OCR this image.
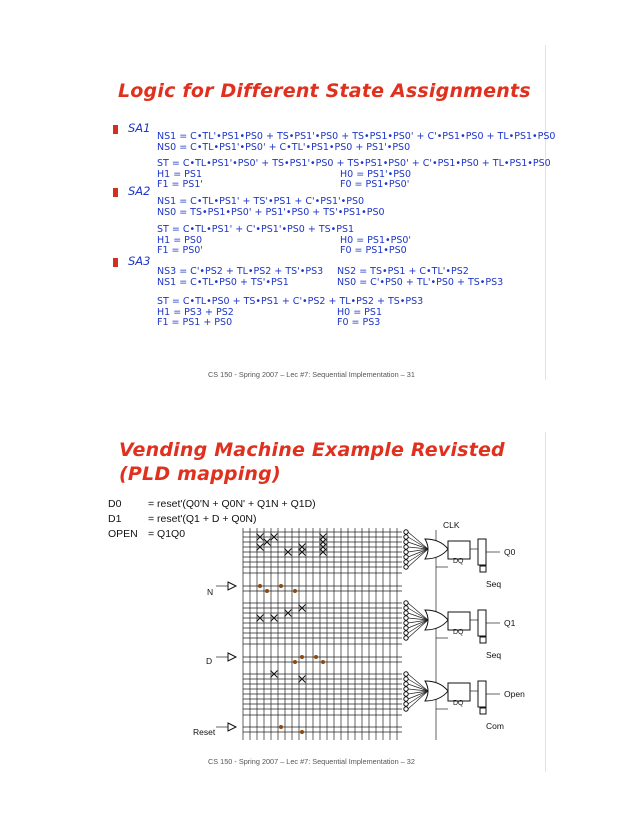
Logic for Different State Assignments
SA1
NS1 = C•TL'•PS1•PS0 + TS•PS1'•PS0 + TS•PS1•PS0' + C'•PS1•PS0 + TL•PS1•PS0
NS0 = C•TL•PS1'•PS0' + C•TL'•PS1•PS0 + PS1'•PS0
ST = C•TL•PS1'•PS0' + TS•PS1'•PS0 + TS•PS1•PS0' + C'•PS1•PS0 + TL•PS1•PS0
H1 = PS1	H0 = PS1'•PS0
F1 = PS1'	F0 = PS1•PS0'
SA2
NS1 = C•TL•PS1' + TS'•PS1 + C'•PS1'•PS0
NS0 = TS•PS1•PS0' + PS1'•PS0 + TS'•PS1•PS0
ST = C•TL•PS1' + C'•PS1'•PS0 + TS•PS1
H1 = PS0	H0 = PS1•PS0'
F1 = PS0'	F0 = PS1•PS0
SA3
NS3 = C'•PS2 + TL•PS2 + TS'•PS3 NS2 = TS•PS1 + C•TL'•PS2
NS1 = C•TL•PS0 + TS'•PS1	NS0 = C'•PS0 + TL'•PS0 + TS•PS3
ST = C•TL•PS0 + TS•PS1 + C'•PS2 + TL•PS2 + TS•PS3
H1 = PS3 + PS2	H0 = PS1
F1 = PS1 + PS0	F0 = PS3
CS 150 - Spring 2007 – Lec #7: Sequential Implementation – 31
Vending Machine Example Revisted
(PLD mapping)
D0	= reset'(Q0'N + Q0N' + Q1N + Q1D)
D1	= reset'(Q1 + D + Q0N)
OPEN = Q1Q0
CLK
N
D
Reset
Q0
Q1
Open
Seq
Seq
Com
DQ
DQ
DQ
CS 150 - Spring 2007 – Lec #7: Sequential Implementation – 32
